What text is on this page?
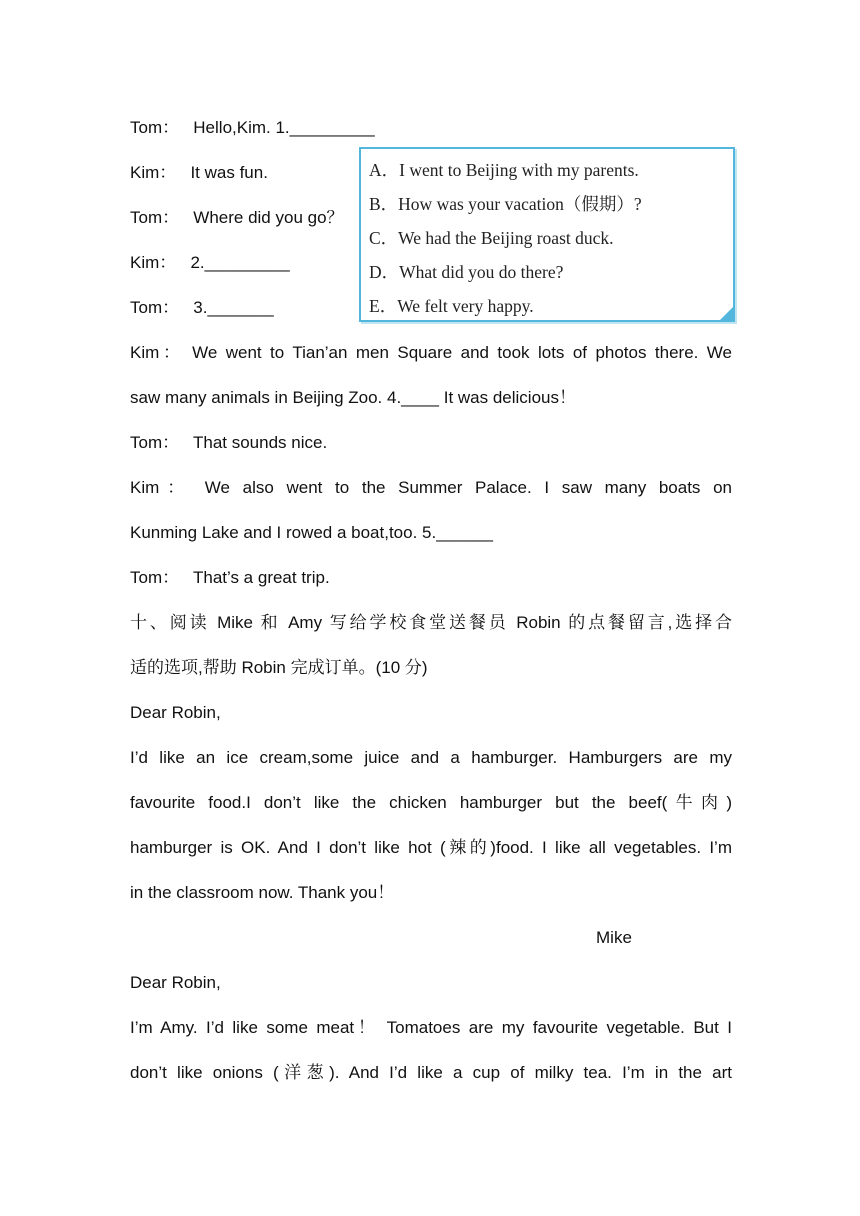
Tom：   Hello,Kim. 1._________
Kim：   It was fun.
Tom：   Where did you go？
Kim：   2._________
Tom：   3._______
Kim： We went to Tian’an men Square and took lots of photos there. We
saw many animals in Beijing Zoo. 4.____ It was delicious！
Tom：   That sounds nice.
Kim： We also went to the Summer Palace. I saw many boats on
Kunming Lake and I rowed a boat,too. 5.______
Tom：   That’s a great trip.
A．I went to Beijing with my parents.
B．How was your vacation（假期）?
C．We had the Beijing roast duck.
D．What did you do there?
E．We felt very happy.
十、阅读 Mike 和 Amy 写给学校食堂送餐员 Robin 的点餐留言,选择合
适的选项,帮助 Robin 完成订单。(10 分)
Dear Robin,
I’d like an ice cream,some juice and a hamburger. Hamburgers are my
favourite food.I don’t like the chicken hamburger but the beef(牛肉)
hamburger is OK. And I don’t like hot (辣的)food. I like all vegetables. I’m
in the classroom now. Thank you！
Mike
Dear Robin,
I’m Amy. I’d like some meat！ Tomatoes are my favourite vegetable. But I
don’t like onions (洋葱). And I’d like a cup of milky tea. I’m in the art
